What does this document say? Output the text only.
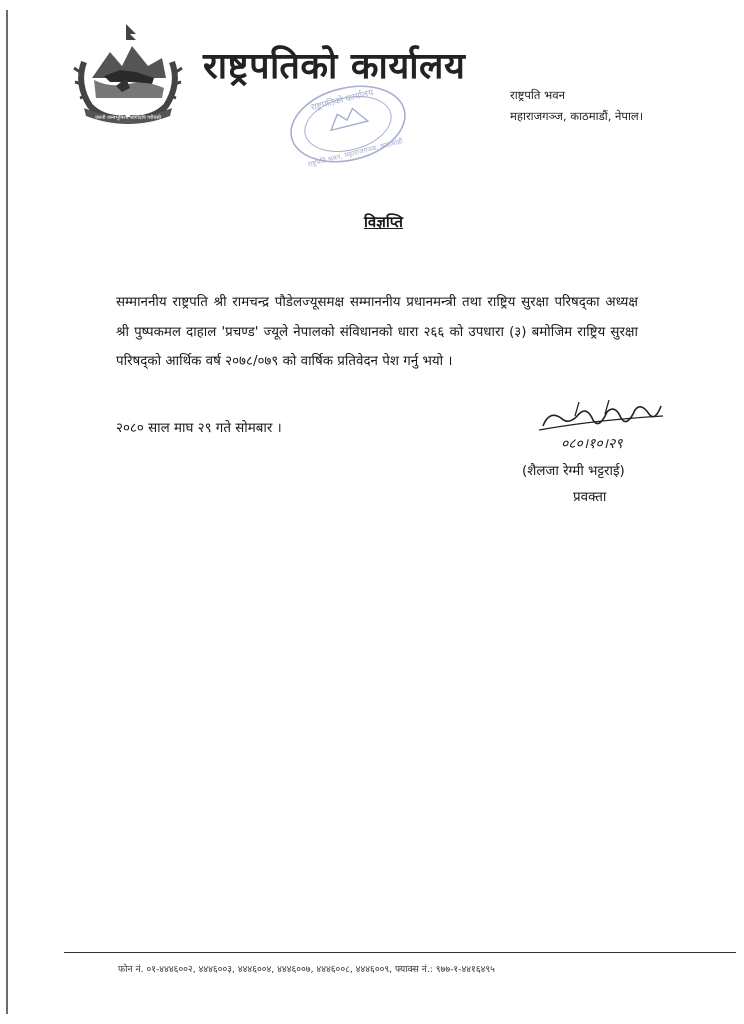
जननी जन्मभूमिश्च स्वर्गादपि गरीयसी
राष्ट्रपतिको कार्यालय
राष्ट्रपति भवन
महाराजगञ्ज, काठमाडौं, नेपाल।
राष्ट्रपतिको कार्यालय
राष्ट्रपति भवन, महाराजगञ्ज, काठमाडौं
विज्ञप्ति
सम्माननीय राष्ट्रपति श्री रामचन्द्र पौडेलज्यूसमक्ष सम्माननीय प्रधानमन्त्री तथा राष्ट्रिय सुरक्षा परिषद्का अध्यक्ष श्री पुष्पकमल दाहाल 'प्रचण्ड' ज्यूले नेपालको संविधानको धारा २६६ को उपधारा (३) बमोजिम राष्ट्रिय सुरक्षा परिषद्को आर्थिक वर्ष २०७८/०७९ को वार्षिक प्रतिवेदन पेश गर्नु भयो ।
२०८० साल माघ २९ गते सोमबार ।
०८०।१०।२९
(शैलजा रेग्मी भट्टराई)
प्रवक्ता
फोन नं. ०१-४४४६००२, ४४४६००३, ४४४६००४, ४४४६००७, ४४४६००८, ४४४६००९, फ्याक्स नं.: ९७७-१-४४१६४९५
